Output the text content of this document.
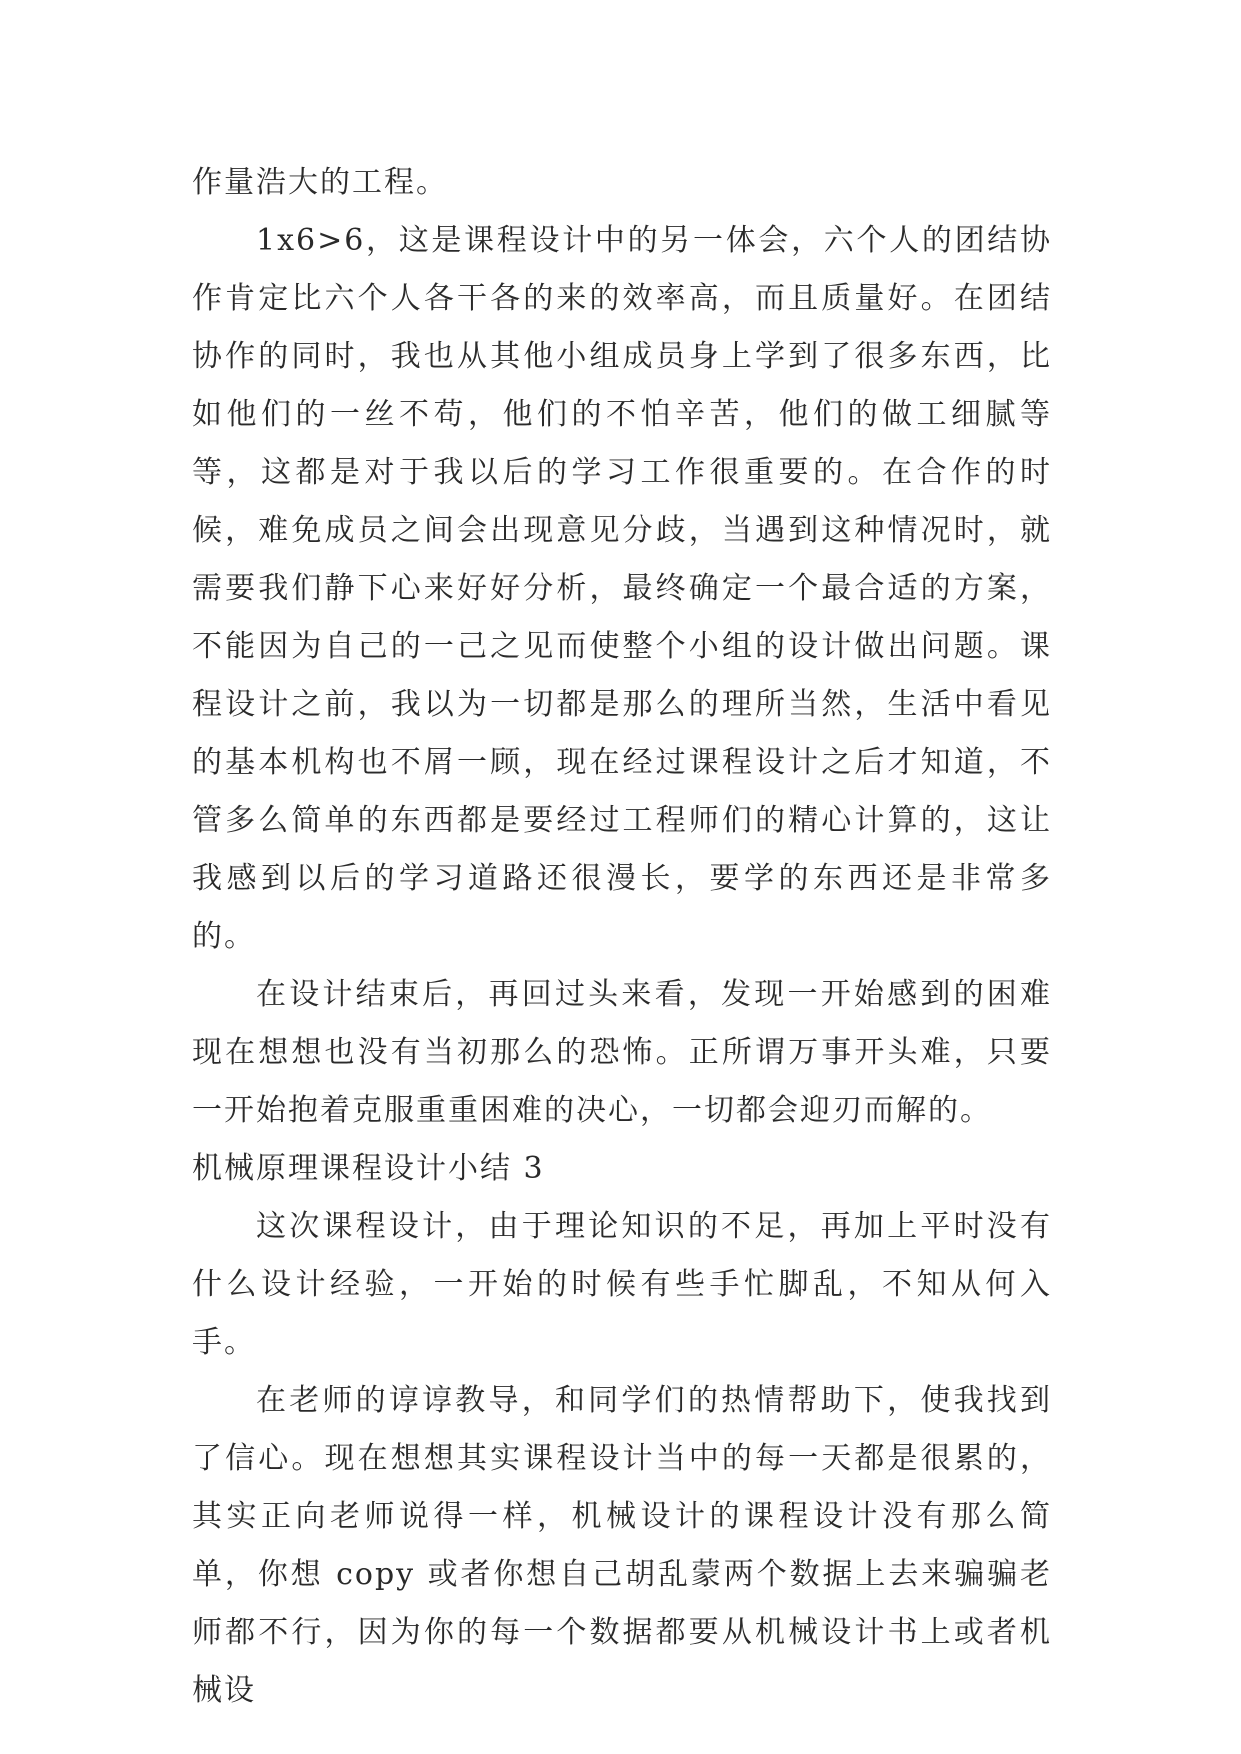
作量浩大的工程。

1x6>6，这是课程设计中的另一体会，六个人的团结协作肯定比六个人各干各的来的效率高，而且质量好。在团结协作的同时，我也从其他小组成员身上学到了很多东西，比如他们的一丝不苟，他们的不怕辛苦，他们的做工细腻等等，这都是对于我以后的学习工作很重要的。在合作的时候，难免成员之间会出现意见分歧，当遇到这种情况时，就需要我们静下心来好好分析，最终确定一个最合适的方案，不能因为自己的一己之见而使整个小组的设计做出问题。课程设计之前，我以为一切都是那么的理所当然，生活中看见的基本机构也不屑一顾，现在经过课程设计之后才知道，不管多么简单的东西都是要经过工程师们的精心计算的，这让我感到以后的学习道路还很漫长，要学的东西还是非常多的。

在设计结束后，再回过头来看，发现一开始感到的困难现在想想也没有当初那么的恐怖。正所谓万事开头难，只要一开始抱着克服重重困难的决心，一切都会迎刃而解的。

机械原理课程设计小结 3

这次课程设计，由于理论知识的不足，再加上平时没有什么设计经验，一开始的时候有些手忙脚乱，不知从何入手。

在老师的谆谆教导，和同学们的热情帮助下，使我找到了信心。现在想想其实课程设计当中的每一天都是很累的，其实正向老师说得一样，机械设计的课程设计没有那么简单，你想 copy 或者你想自己胡乱蒙两个数据上去来骗骗老师都不行，因为你的每一个数据都要从机械设计书上或者机械设
